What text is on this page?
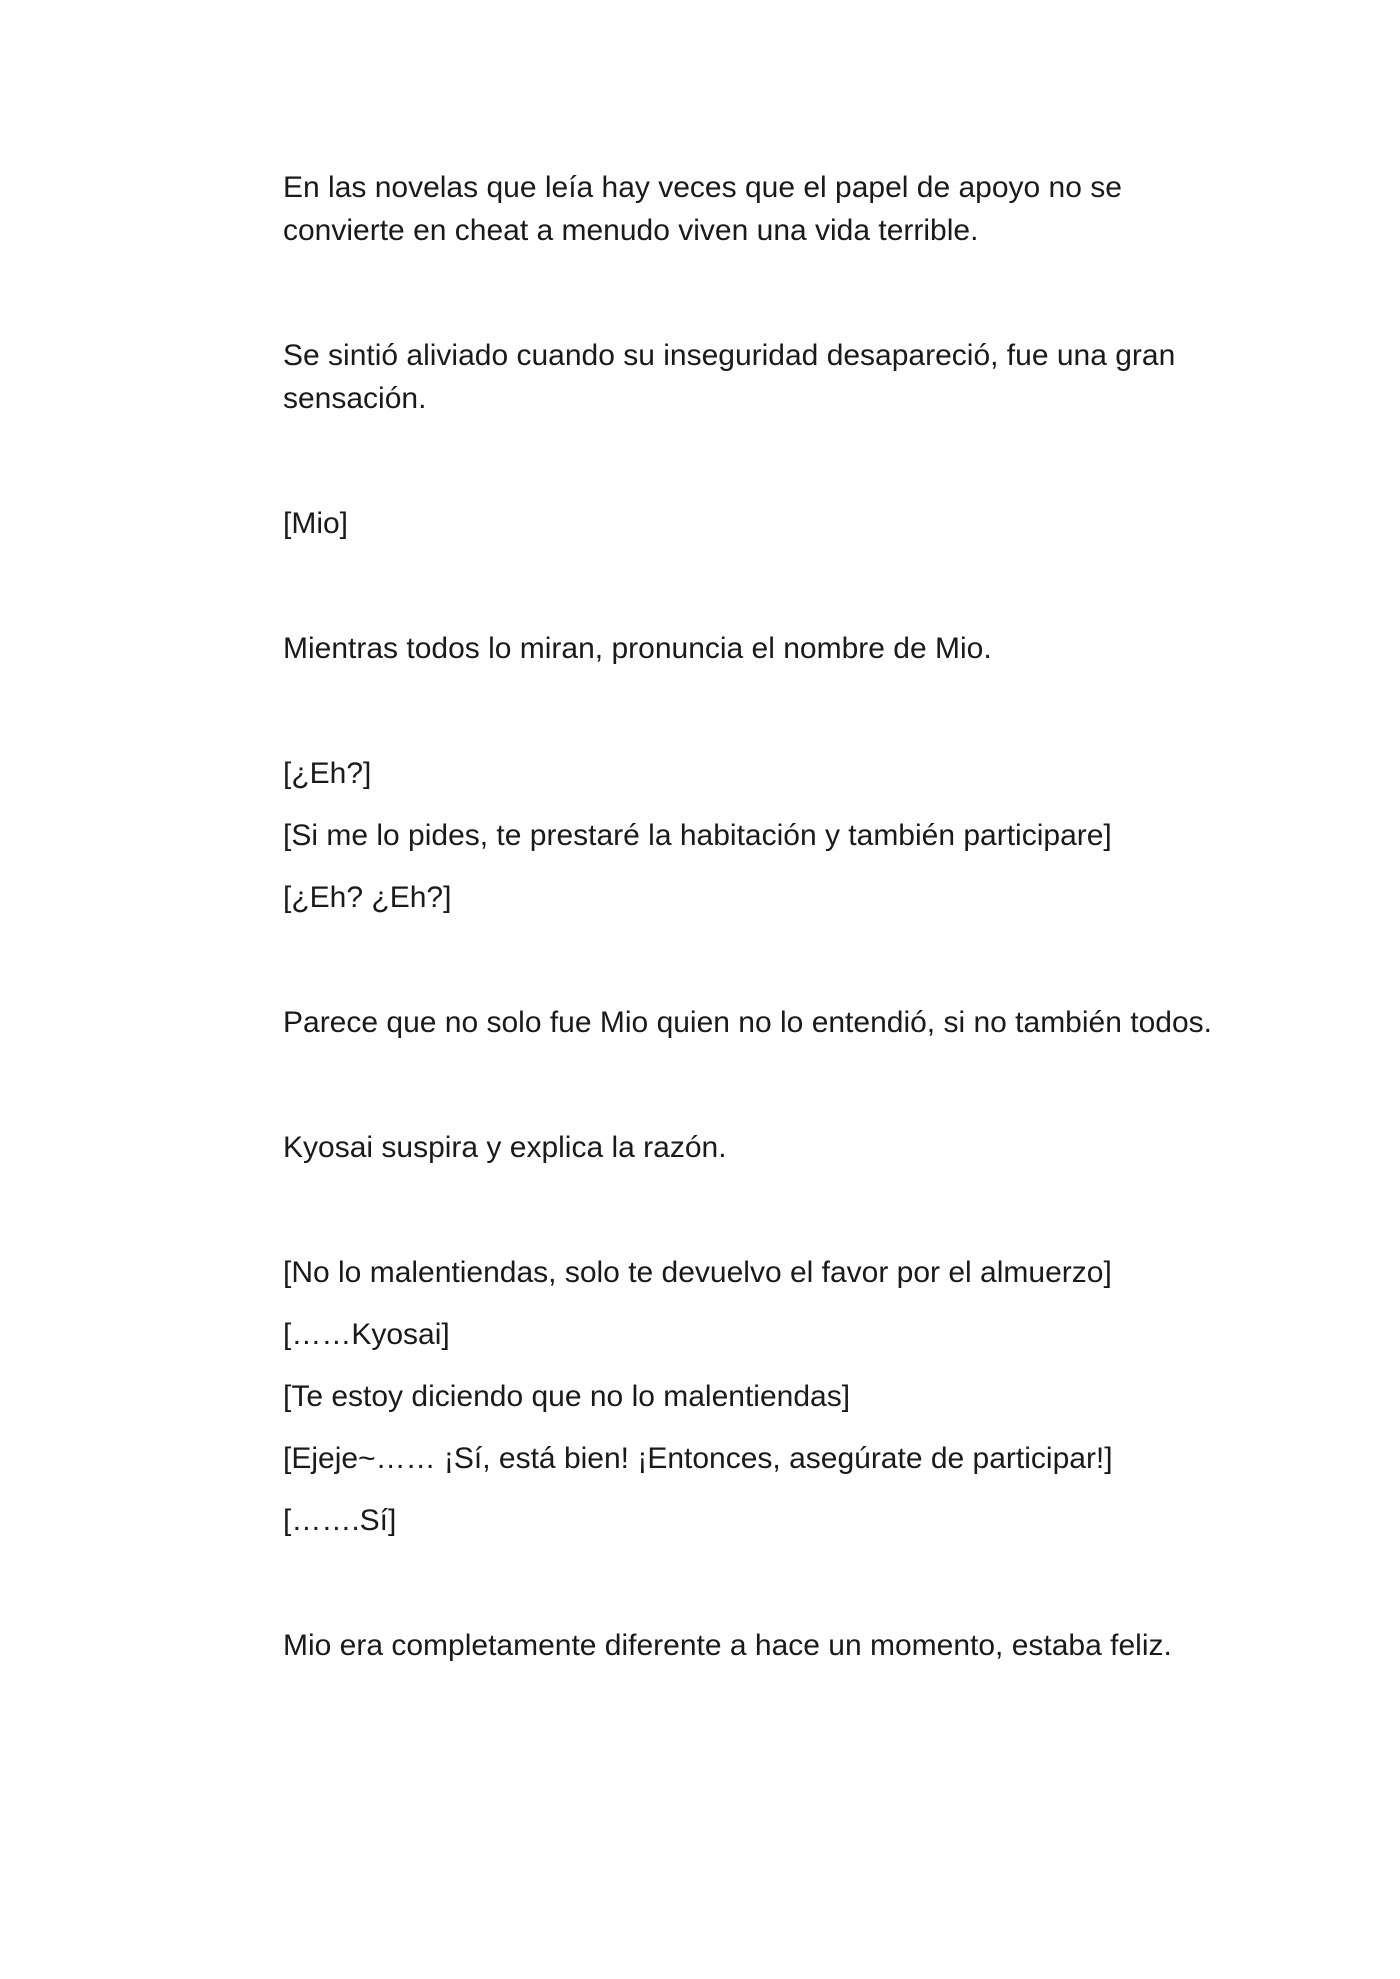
En las novelas que leía hay veces que el papel de apoyo no se convierte en cheat a menudo viven una vida terrible.

Se sintió aliviado cuando su inseguridad desapareció, fue una gran sensación.

[Mio]

Mientras todos lo miran, pronuncia el nombre de Mio.

[¿Eh?]

[Si me lo pides, te prestaré la habitación y también participare]

[¿Eh? ¿Eh?]

Parece que no solo fue Mio quien no lo entendió, si no también todos.

Kyosai suspira y explica la razón.

[No lo malentiendas, solo te devuelvo el favor por el almuerzo]

[……Kyosai]

[Te estoy diciendo que no lo malentiendas]

[Ejeje~…… ¡Sí, está bien! ¡Entonces, asegúrate de participar!]

[…….Sí]

Mio era completamente diferente a hace un momento, estaba feliz.
